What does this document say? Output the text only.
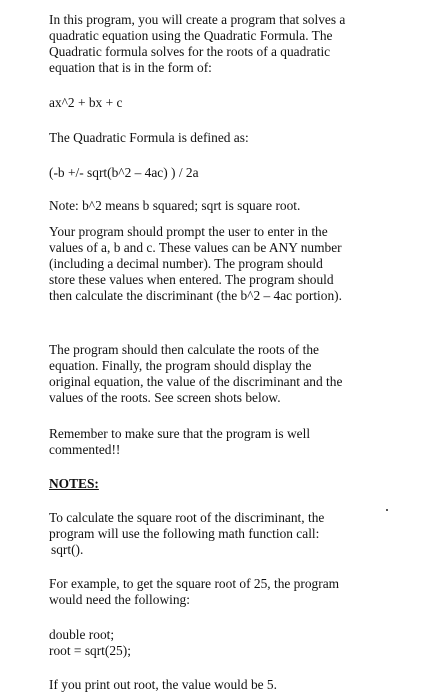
In this program, you will create a program that solves a

quadratic equation using the Quadratic Formula. The

Quadratic formula solves for the roots of a quadratic

equation that is in the form of:

ax^2 + bx + c

The Quadratic Formula is defined as:

(-b +/- sqrt(b^2 – 4ac) ) / 2a

Note: b^2 means b squared; sqrt is square root.

Your program should prompt the user to enter in the

values of a, b and c. These values can be ANY number

(including a decimal number). The program should

store these values when entered. The program should

then calculate the discriminant (the b^2 – 4ac portion).

The program should then calculate the roots of the

equation. Finally, the program should display the

original equation, the value of the discriminant and the

values of the roots. See screen shots below.

Remember to make sure that the program is well

commented!!

NOTES:

To calculate the square root of the discriminant, the

program will use the following math function call:

sqrt().

For example, to get the square root of 25, the program

would need the following:

double root;

root = sqrt(25);

If you print out root, the value would be 5.
